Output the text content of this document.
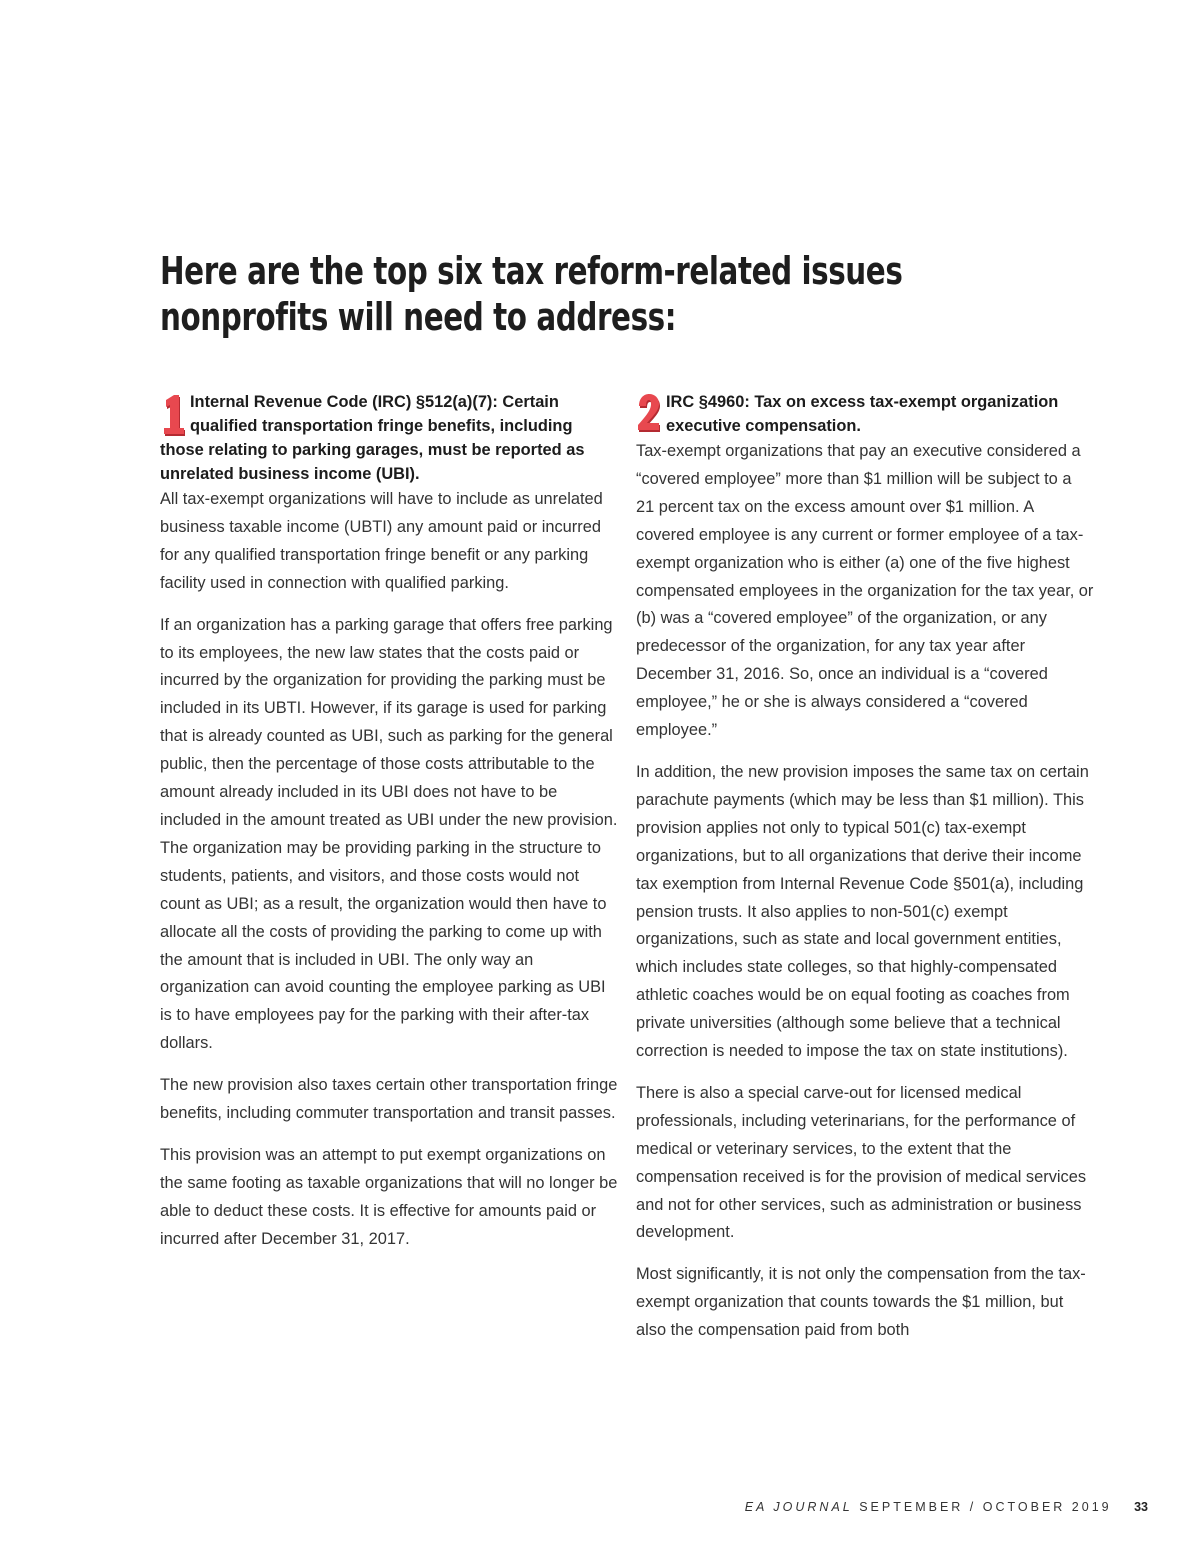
Here are the top six tax reform-related issues
nonprofits will need to address:
Internal Revenue Code (IRC) §512(a)(7): Certain qualified transportation fringe benefits, including those relating to parking garages, must be reported as unrelated business income (UBI).

All tax-exempt organizations will have to include as unrelated business taxable income (UBTI) any amount paid or incurred for any qualified transportation fringe benefit or any parking facility used in connection with qualified parking.

If an organization has a parking garage that offers free parking to its employees, the new law states that the costs paid or incurred by the organization for providing the parking must be included in its UBTI. However, if its garage is used for parking that is already counted as UBI, such as parking for the general public, then the percentage of those costs attributable to the amount already included in its UBI does not have to be included in the amount treated as UBI under the new provision. The organization may be providing parking in the structure to students, patients, and visitors, and those costs would not count as UBI; as a result, the organization would then have to allocate all the costs of providing the parking to come up with the amount that is included in UBI. The only way an organization can avoid counting the employee parking as UBI is to have employees pay for the parking with their after-tax dollars.

The new provision also taxes certain other transportation fringe benefits, including commuter transportation and transit passes.

This provision was an attempt to put exempt organizations on the same footing as taxable organizations that will no longer be able to deduct these costs. It is effective for amounts paid or incurred after December 31, 2017.

IRC §4960: Tax on excess tax-exempt organization executive compensation.

Tax-exempt organizations that pay an executive considered a “covered employee” more than $1 million will be subject to a 21 percent tax on the excess amount over $1 million. A covered employee is any current or former employee of a tax-exempt organization who is either (a) one of the five highest compensated employees in the organization for the tax year, or (b) was a “covered employee” of the organization, or any predecessor of the organization, for any tax year after December 31, 2016. So, once an individual is a “covered employee,” he or she is always considered a “covered employee.”

In addition, the new provision imposes the same tax on certain parachute payments (which may be less than $1 million). This provision applies not only to typical 501(c) tax-exempt organizations, but to all organizations that derive their income tax exemption from Internal Revenue Code §501(a), including pension trusts. It also applies to non-501(c) exempt organizations, such as state and local government entities, which includes state colleges, so that highly-compensated athletic coaches would be on equal footing as coaches from private universities (although some believe that a technical correction is needed to impose the tax on state institutions).

There is also a special carve-out for licensed medical professionals, including veterinarians, for the performance of medical or veterinary services, to the extent that the compensation received is for the provision of medical services and not for other services, such as administration or business development.

Most significantly, it is not only the compensation from the tax-exempt organization that counts towards the $1 million, but also the compensation paid from both

EA JOURNAL SEPTEMBER / OCTOBER 2019 33
